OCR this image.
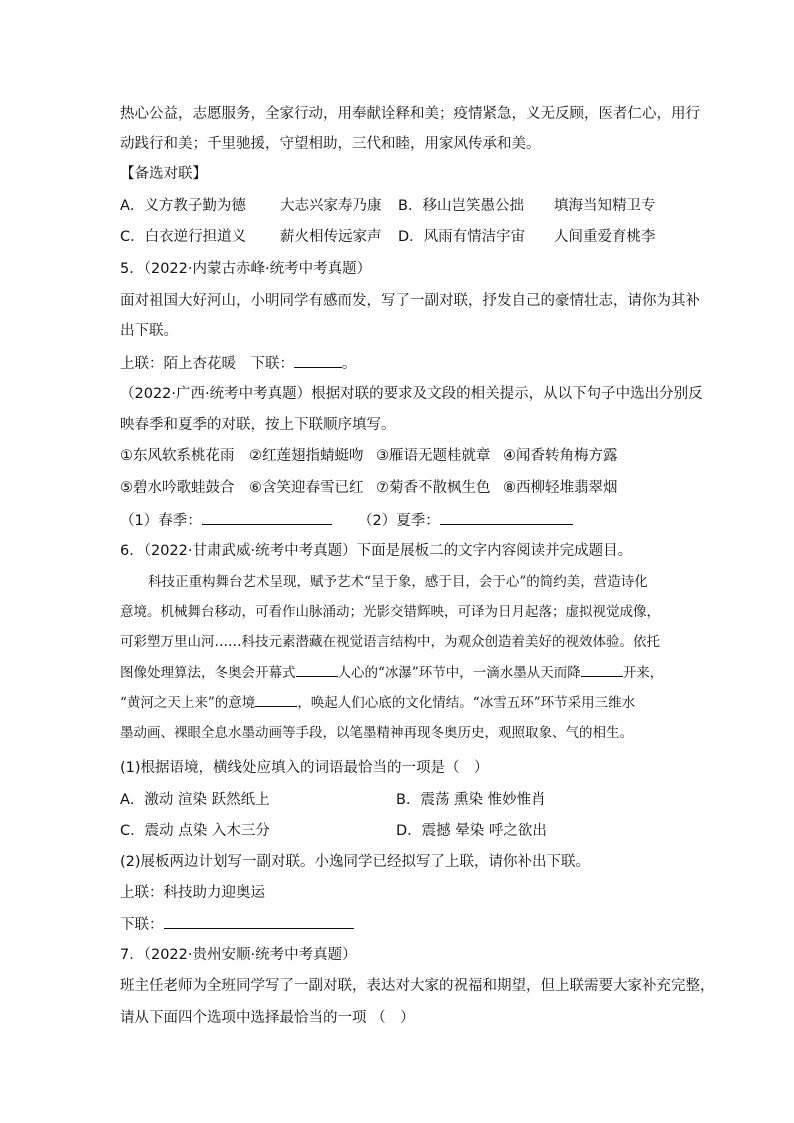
热心公益，志愿服务，全家行动，用奉献诠释和美；疫情紧急，义无反顾，医者仁心，用行
动践行和美；千里驰援，守望相助，三代和睦，用家风传承和美。
【备选对联】
A．义方教子勤为德 大志兴家寿乃康 B．移山岂笑愚公拙 填海当知精卫专
C．白衣逆行担道义 薪火相传远家声 D．风雨有情洁宇宙 人间重爱育桃李
5．（2022·内蒙古赤峰·统考中考真题）
面对祖国大好河山，小明同学有感而发，写了一副对联，抒发自己的豪情壮志，请你为其补
出下联。
上联：陌上杏花暖　下联：	。
（2022·广西·统考中考真题）根据对联的要求及文段的相关提示，从以下句子中选出分别反
映春季和夏季的对联，按上下联顺序填写。
①东风软系桃花雨 ②红莲翅指蜻蜓吻 ③雁语无题桂就章 ④闻香转角梅方露
⑤碧水吟歌蛙鼓合 ⑥含笑迎春雪已红 ⑦菊香不散枫生色 ⑧西柳轻堆翡翠烟
（1）春季：	（2）夏季：
6．（2022·甘肃武威·统考中考真题）下面是展板二的文字内容阅读并完成题目。
科技正重构舞台艺术呈现，赋予艺术“呈于象，感于目，会于心”的简约美，营造诗化
意境。机械舞台移动，可看作山脉涌动；光影交错辉映，可译为日月起落；虚拟视觉成像，
可彩塑万里山河……科技元素潜藏在视觉语言结构中，为观众创造着美好的视效体验。依托
图像处理算法，冬奥会开幕式	人心的“冰瀑”环节中，一滴水墨从天而降	开来，
“黄河之天上来”的意境	，唤起人们心底的文化情结。“冰雪五环”环节采用三维水
墨动画、裸眼全息水墨动画等手段，以笔墨精神再现冬奥历史，观照取象、气的相生。
(1)根据语境，横线处应填入的词语最恰当的一项是（　）
A．激动 渲染 跃然纸上	B．震荡 熏染 惟妙惟肖
C．震动 点染 入木三分	D．震撼 晕染 呼之欲出
(2)展板两边计划写一副对联。小逸同学已经拟写了上联，请你补出下联。
上联：科技助力迎奥运
下联：
7．（2022·贵州安顺·统考中考真题）
班主任老师为全班同学写了一副对联，表达对大家的祝福和期望，但上联需要大家补充完整，
请从下面四个选项中选择最恰当的一项 （　）
